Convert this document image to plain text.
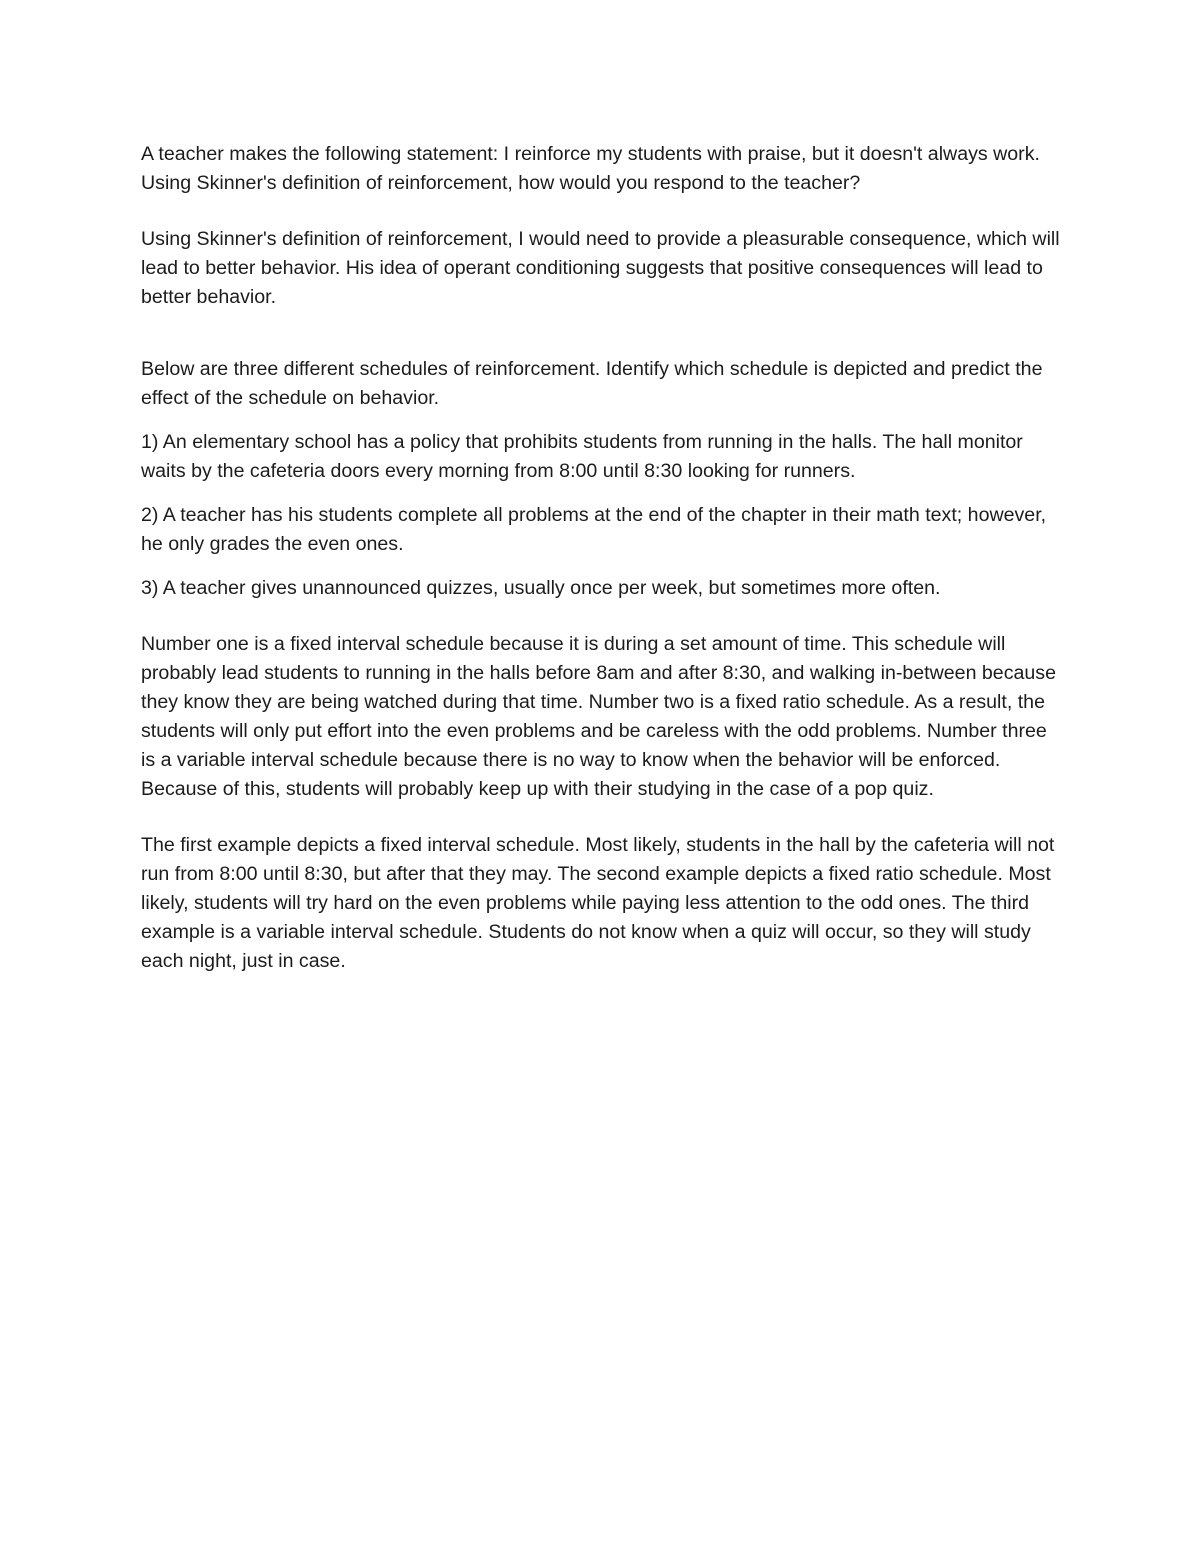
A teacher makes the following statement: I reinforce my students with praise, but it doesn't always work. Using Skinner's definition of reinforcement, how would you respond to the teacher?

Using Skinner's definition of reinforcement, I would need to provide a pleasurable consequence, which will lead to better behavior. His idea of operant conditioning suggests that positive consequences will lead to better behavior.

Below are three different schedules of reinforcement. Identify which schedule is depicted and predict the effect of the schedule on behavior.

1) An elementary school has a policy that prohibits students from running in the halls. The hall monitor waits by the cafeteria doors every morning from 8:00 until 8:30 looking for runners.

2) A teacher has his students complete all problems at the end of the chapter in their math text; however, he only grades the even ones.

3) A teacher gives unannounced quizzes, usually once per week, but sometimes more often.

Number one is a fixed interval schedule because it is during a set amount of time. This schedule will probably lead students to running in the halls before 8am and after 8:30, and walking in-between because they know they are being watched during that time. Number two is a fixed ratio schedule. As a result, the students will only put effort into the even problems and be careless with the odd problems. Number three is a variable interval schedule because there is no way to know when the behavior will be enforced. Because of this, students will probably keep up with their studying in the case of a pop quiz.

The first example depicts a fixed interval schedule. Most likely, students in the hall by the cafeteria will not run from 8:00 until 8:30, but after that they may. The second example depicts a fixed ratio schedule. Most likely, students will try hard on the even problems while paying less attention to the odd ones. The third example is a variable interval schedule. Students do not know when a quiz will occur, so they will study each night, just in case.
